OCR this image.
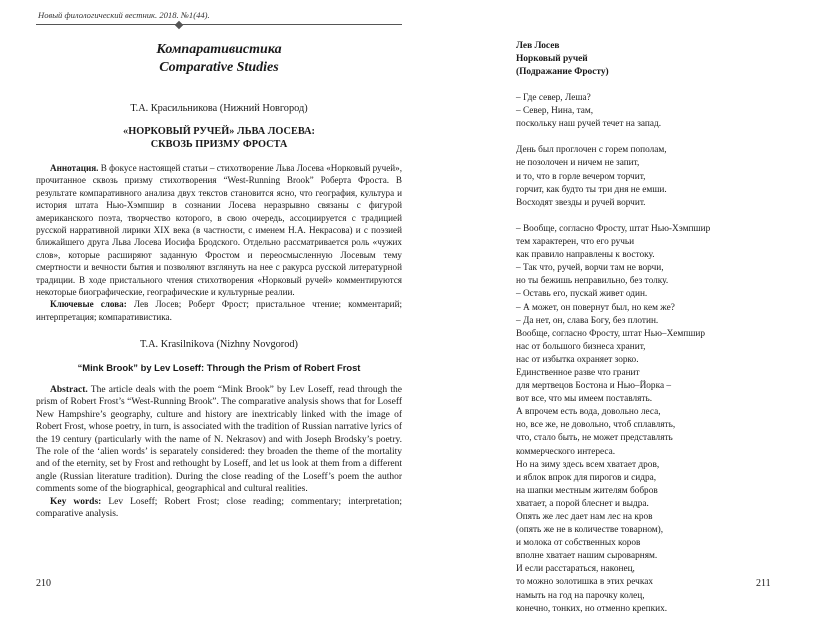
Новый филологический вестник. 2018. №1(44).
Компаративистика
Comparative Studies
Т.А. Красильникова (Нижний Новгород)
«НОРКОВЫЙ РУЧЕЙ» ЛЬВА ЛОСЕВА:
СКВОЗЬ ПРИЗМУ ФРОСТА

Аннотация. В фокусе настоящей статьи – стихотворение Льва Лосева «Норковый ручей», прочитанное сквозь призму стихотворения “West-Running Brook” Роберта Фроста. В результате компаративного анализа двух текстов становится ясно, что география, культура и история штата Нью-Хэмпшир в сознании Лосева неразрывно связаны с фигурой американского поэта, творчество которого, в свою очередь, ассоциируется с традицией русской нарративной лирики XIX века (в частности, с именем Н.А. Некрасова) и с поэзией ближайшего друга Льва Лосева Иосифа Бродского. Отдельно рассматривается роль «чужих слов», которые расширяют заданную Фростом и переосмысленную Лосевым тему смертности и вечности бытия и позволяют взглянуть на нее с ракурса русской литературной традиции. В ходе пристального чтения стихотворения «Норковый ручей» комментируются некоторые биографические, географические и культурные реалии.

Ключевые слова: Лев Лосев; Роберт Фрост; пристальное чтение; комментарий; интерпретация; компаративистика.

T.A. Krasilnikova (Nizhny Novgorod)
“Mink Brook” by Lev Loseff: Through the Prism of Robert Frost

Abstract. The article deals with the poem “Mink Brook” by Lev Loseff, read through the prism of Robert Frost’s “West-Running Brook”. The comparative analysis shows that for Loseff New Hampshire’s geography, culture and history are inextricably linked with the image of Robert Frost, whose poetry, in turn, is associated with the tradition of Russian narrative lyrics of the 19 century (particularly with the name of N. Nekrasov) and with Joseph Brodsky’s poetry. The role of the ‘alien words’ is separately considered: they broaden the theme of the mortality and of the eternity, set by Frost and rethought by Loseff, and let us look at them from a different angle (Russian literature tradition). During the close reading of the Loseff’s poem the author comments some of the biographical, geographical and cultural realities.

Key words: Lev Loseff; Robert Frost; close reading; commentary; interpretation; comparative analysis.

210
Лев Лосев
Норковый ручей
(Подражание Фросту)
– Где север, Леша?
– Север, Нина, там,
поскольку наш ручей течет на запад.
День был проглочен с горем пополам,
не позолочен и ничем не запит,
и то, что в горле вечером торчит,
горчит, как будто ты три дня не емши.
Восходят звезды и ручей ворчит.
– Вообще, согласно Фросту, штат Нью-Хэмпшир
тем характерен, что его ручьи
как правило направлены к востоку.
– Так что, ручей, ворчи там не ворчи,
но ты бежишь неправильно, без толку.
– Оставь его, пускай живет один.
– А может, он повернут был, но кем же?
– Да нет, он, слава Богу, без плотин.
Вообще, согласно Фросту, штат Нью–Хемпшир
нас от большого бизнеса хранит,
нас от избытка охраняет зорко.
Единственное разве что гранит
для мертвецов Бостона и Нью–Йорка –
вот все, что мы имеем поставлять.
А впрочем есть вода, довольно леса,
но, все же, не довольно, чтоб сплавлять,
что, стало быть, не может представлять
коммерческого интереса.
Но на зиму здесь всем хватает дров,
и яблок впрок для пирогов и сидра,
на шапки местным жителям бобров
хватает, а порой блеснет и выдра.
Опять же лес дает нам лес на кров
(опять же не в количестве товарном),
и молока от собственных коров
вполне хватает нашим сыроварням.
И если расстараться, наконец,
то можно золотишка в этих речках
намыть на год на парочку колец,
конечно, тонких, но отменно крепких.
211
